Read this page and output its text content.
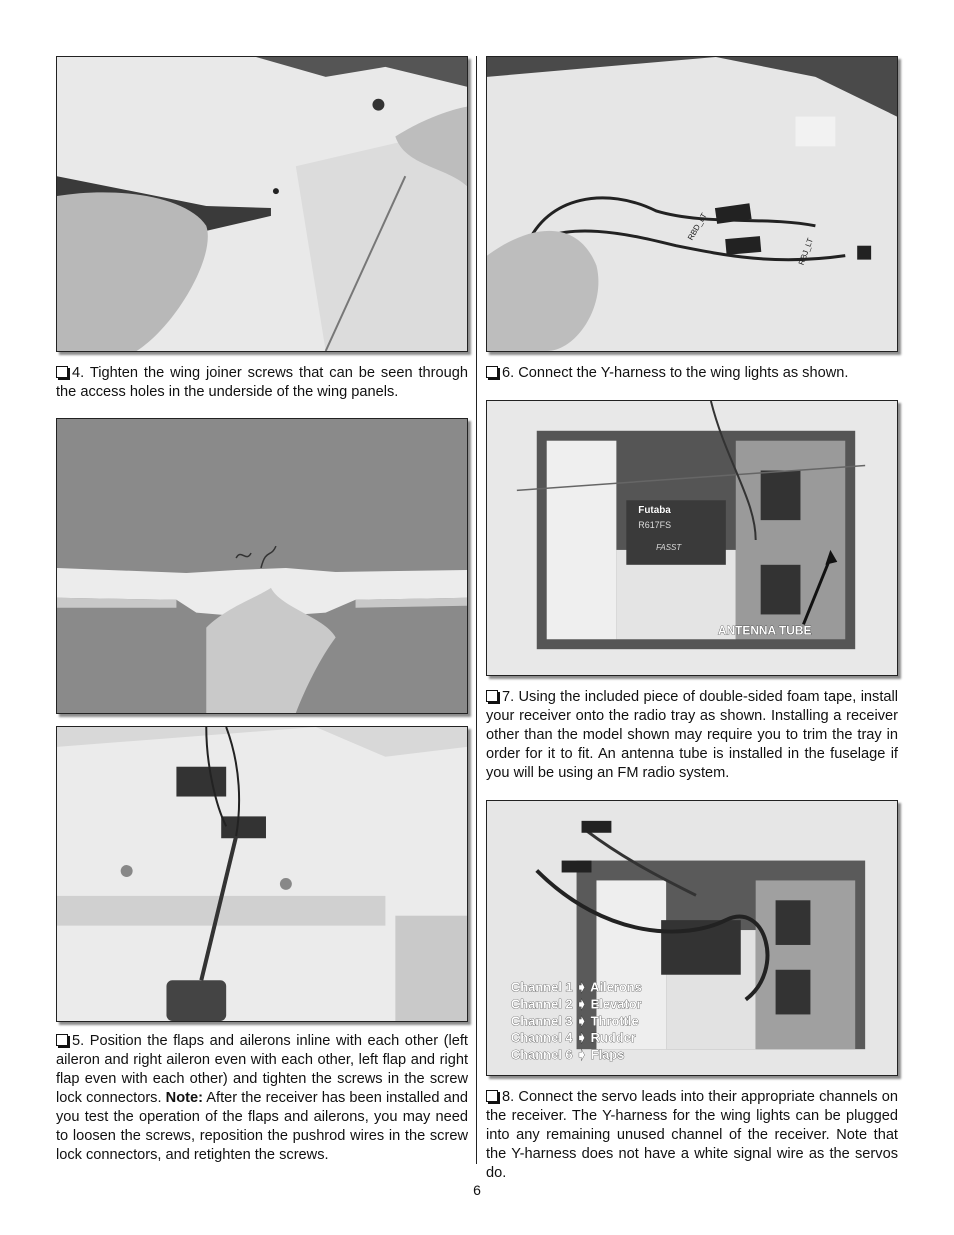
4. Tighten the wing joiner screws that can be seen through the access holes in the underside of the wing panels.

5. Position the flaps and ailerons inline with each other (left aileron and right aileron even with each other, left flap and right flap even with each other) and tighten the screws in the screw lock connectors. Note: After the receiver has been installed and you test the operation of the flaps and ailerons, you may need to loosen the screws, reposition the pushrod wires in the screw lock connectors, and retighten the screws.

RBD_LT
RBJ_LT

6. Connect the Y-harness to the wing lights as shown.

Futaba
R617FS
FASST
ANTENNA TUBE

7. Using the included piece of double-sided foam tape, install your receiver onto the radio tray as shown. Installing a receiver other than the model shown may require you to trim the tray in order for it to fit. An antenna tube is installed in the fuselage if you will be using an FM radio system.

Channel 1 ➧ Ailerons
Channel 2 ➧ Elevator
Channel 3 ➧ Throttle
Channel 4 ➧ Rudder
Channel 6 ➧ Flaps

8. Connect the servo leads into their appropriate channels on the receiver. The Y-harness for the wing lights can be plugged into any remaining unused channel of the receiver. Note that the Y-harness does not have a white signal wire as the servos do.

6
